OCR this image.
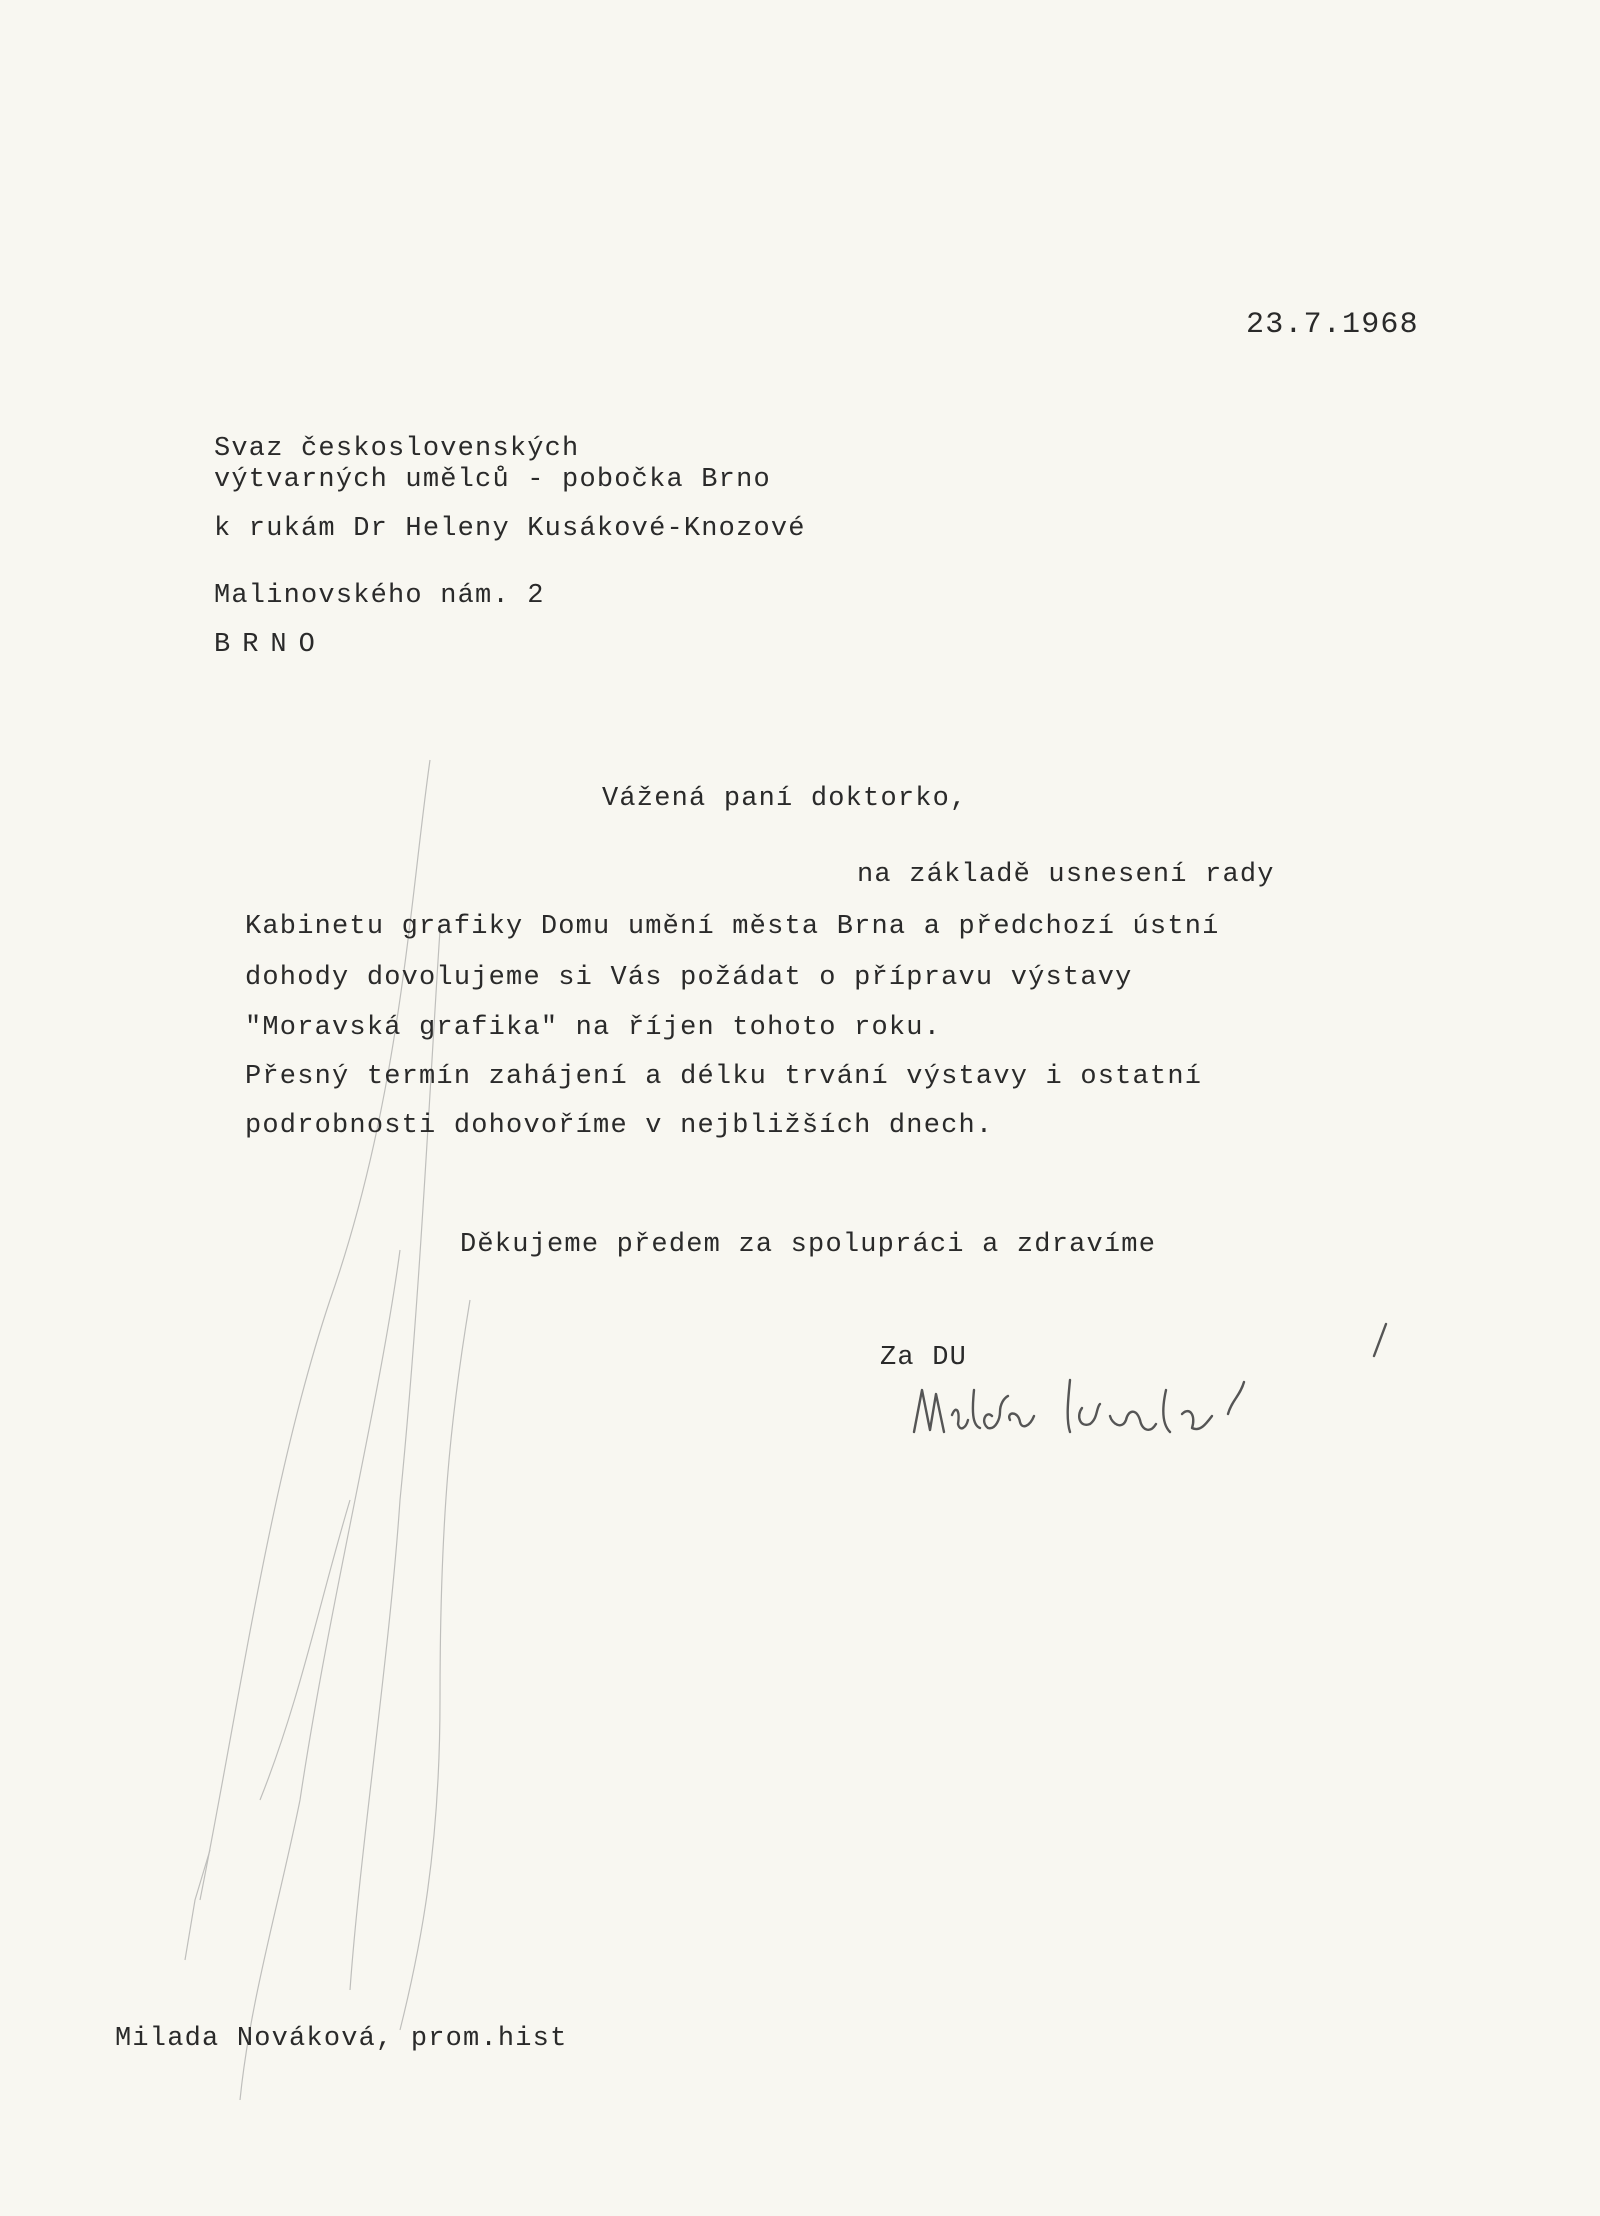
23.7.1968
Svaz československých
výtvarných umělců - pobočka Brno
k rukám Dr Heleny Kusákové-Knozové
Malinovského nám. 2
BRNO
Vážená paní doktorko,
na základě usnesení rady
Kabinetu grafiky Domu umění města Brna a předchozí ústní
dohody dovolujeme si Vás požádat o přípravu výstavy
"Moravská grafika" na říjen tohoto roku.
Přesný termín zahájení a délku trvání výstavy i ostatní
podrobnosti dohovoříme v nejbližších dnech.
Děkujeme předem za spolupráci a zdravíme
Za DU
Milada Nováková, prom.hist
